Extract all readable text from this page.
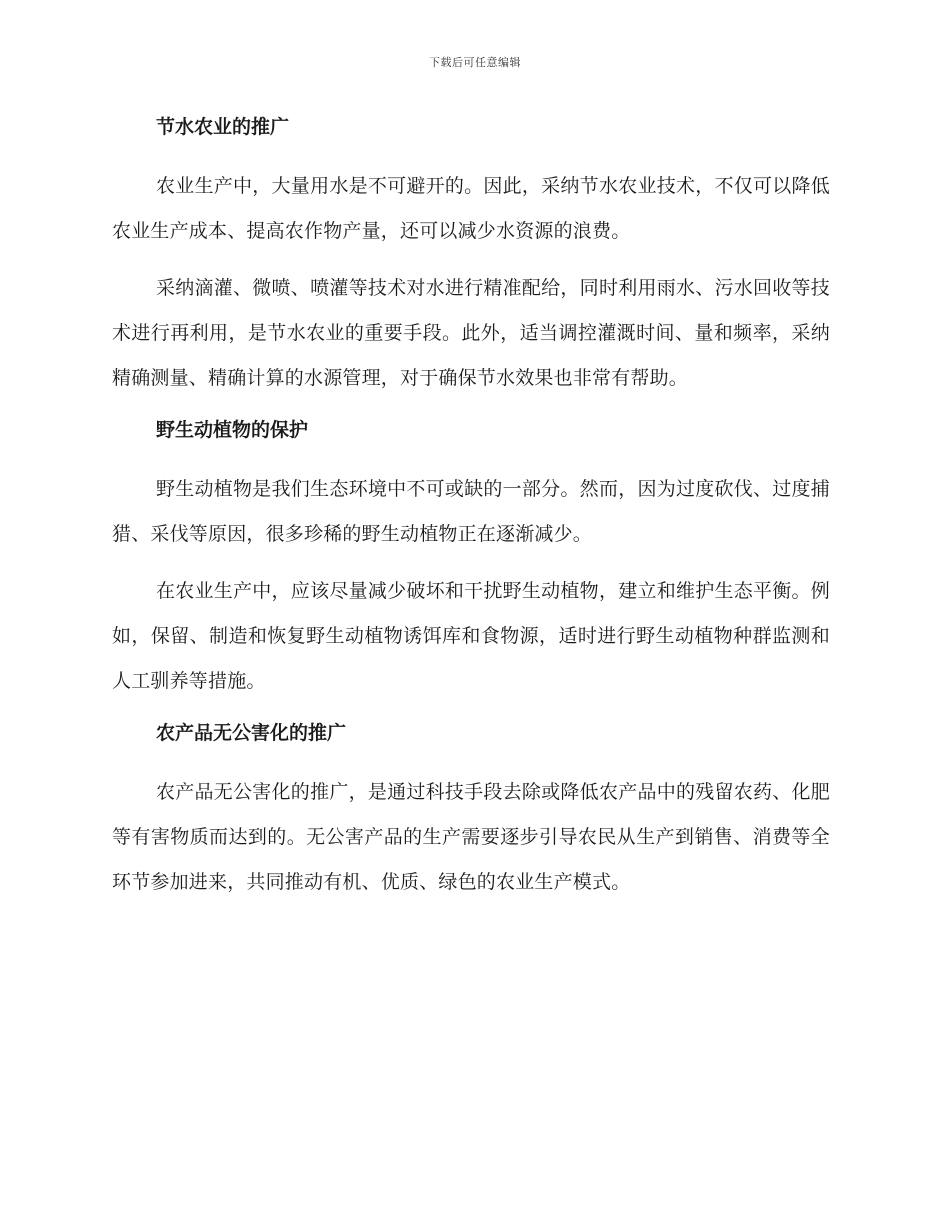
下载后可任意编辑
节水农业的推广

农业生产中，大量用水是不可避开的。因此，采纳节水农业技术，不仅可以降低农业生产成本、提高农作物产量，还可以减少水资源的浪费。

采纳滴灌、微喷、喷灌等技术对水进行精准配给，同时利用雨水、污水回收等技术进行再利用，是节水农业的重要手段。此外，适当调控灌溉时间、量和频率，采纳精确测量、精确计算的水源管理，对于确保节水效果也非常有帮助。

野生动植物的保护

野生动植物是我们生态环境中不可或缺的一部分。然而，因为过度砍伐、过度捕猎、采伐等原因，很多珍稀的野生动植物正在逐渐减少。

在农业生产中，应该尽量减少破坏和干扰野生动植物，建立和维护生态平衡。例如，保留、制造和恢复野生动植物诱饵库和食物源，适时进行野生动植物种群监测和人工驯养等措施。

农产品无公害化的推广

农产品无公害化的推广，是通过科技手段去除或降低农产品中的残留农药、化肥等有害物质而达到的。无公害产品的生产需要逐步引导农民从生产到销售、消费等全环节参加进来，共同推动有机、优质、绿色的农业生产模式。
